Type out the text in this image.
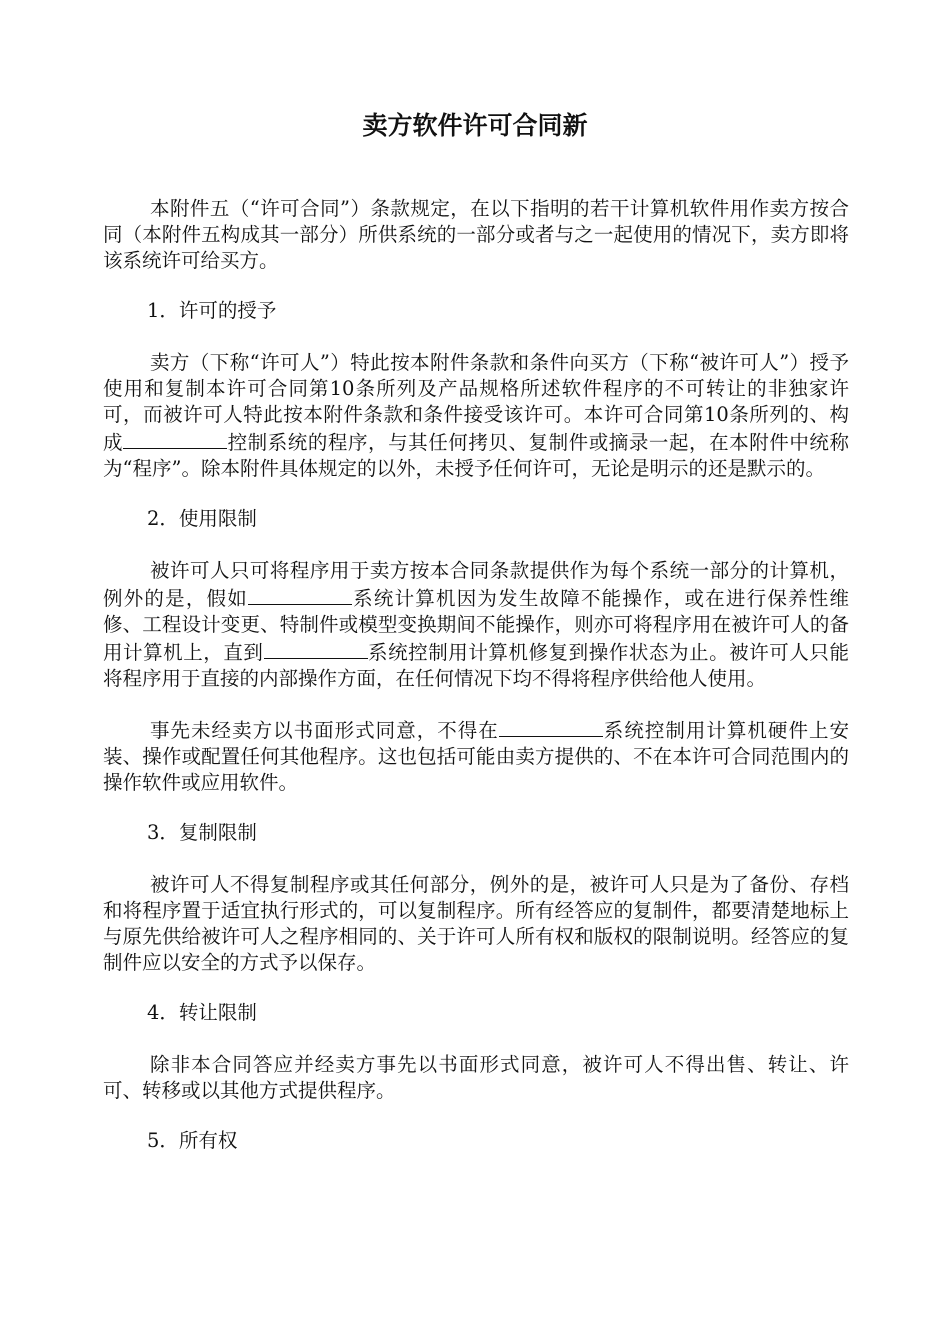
卖方软件许可合同新

本附件五（“许可合同”）条款规定，在以下指明的若干计算机软件用作卖方按合同（本附件五构成其一部分）所供系统的一部分或者与之一起使用的情况下，卖方即将该系统许可给买方。

1．许可的授予

卖方（下称“许可人”）特此按本附件条款和条件向买方（下称“被许可人”）授予使用和复制本许可合同第10条所列及产品规格所述软件程序的不可转让的非独家许可，而被许可人特此按本附件条款和条件接受该许可。本许可合同第10条所列的、构成	控制系统的程序，与其任何拷贝、复制件或摘录一起，在本附件中统称为“程序”。除本附件具体规定的以外，未授予任何许可，无论是明示的还是默示的。

2．使用限制

被许可人只可将程序用于卖方按本合同条款提供作为每个系统一部分的计算机，例外的是，假如	系统计算机因为发生故障不能操作，或在进行保养性维修、工程设计变更、特制件或模型变换期间不能操作，则亦可将程序用在被许可人的备用计算机上，直到	系统控制用计算机修复到操作状态为止。被许可人只能将程序用于直接的内部操作方面，在任何情况下均不得将程序供给他人使用。

事先未经卖方以书面形式同意，不得在	系统控制用计算机硬件上安装、操作或配置任何其他程序。这也包括可能由卖方提供的、不在本许可合同范围内的操作软件或应用软件。

3．复制限制

被许可人不得复制程序或其任何部分，例外的是，被许可人只是为了备份、存档和将程序置于适宜执行形式的，可以复制程序。所有经答应的复制件，都要清楚地标上与原先供给被许可人之程序相同的、关于许可人所有权和版权的限制说明。经答应的复制件应以安全的方式予以保存。

4．转让限制

除非本合同答应并经卖方事先以书面形式同意，被许可人不得出售、转让、许可、转移或以其他方式提供程序。

5．所有权
